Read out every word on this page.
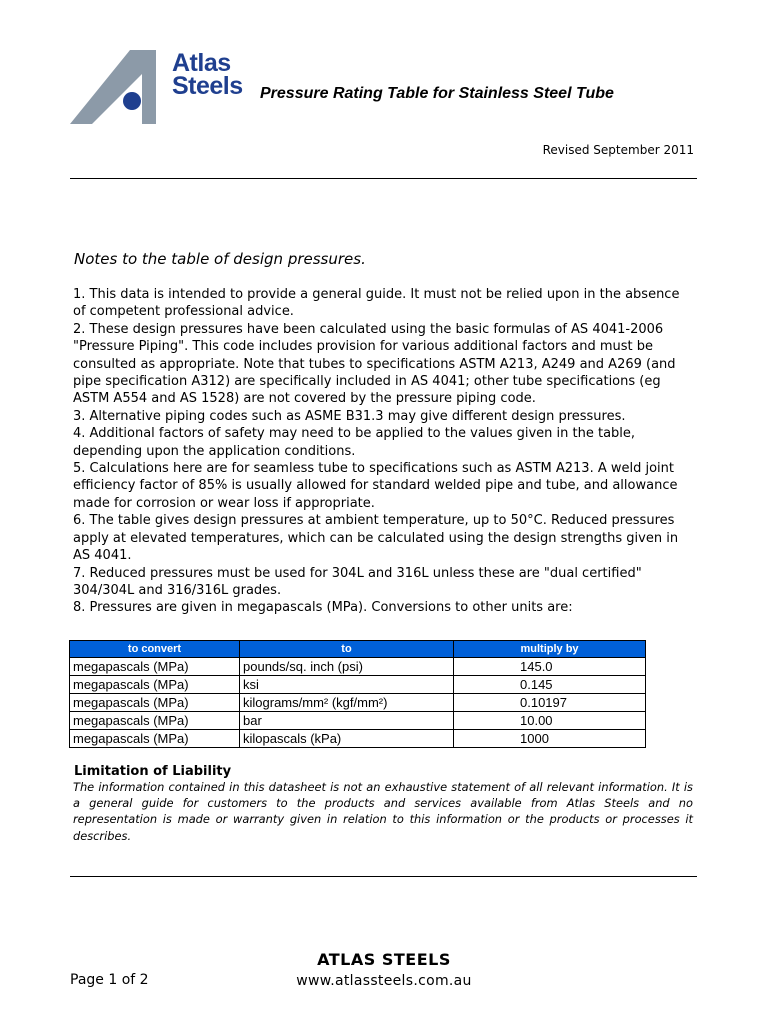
Atlas
Steels Pressure Rating Table for Stainless Steel Tube
Revised September 2011
Notes to the table of design pressures.
1. This data is intended to provide a general guide. It must not be relied upon in the absence of competent professional advice.
2. These design pressures have been calculated using the basic formulas of AS 4041-2006 "Pressure Piping". This code includes provision for various additional factors and must be consulted as appropriate. Note that tubes to specifications ASTM A213, A249 and A269 (and pipe specification A312) are specifically included in AS 4041; other tube specifications (eg ASTM A554 and AS 1528) are not covered by the pressure piping code.
3. Alternative piping codes such as ASME B31.3 may give different design pressures.
4. Additional factors of safety may need to be applied to the values given in the table, depending upon the application conditions.
5. Calculations here are for seamless tube to specifications such as ASTM A213. A weld joint efficiency factor of 85% is usually allowed for standard welded pipe and tube, and allowance made for corrosion or wear loss if appropriate.
6. The table gives design pressures at ambient temperature, up to 50°C. Reduced pressures apply at elevated temperatures, which can be calculated using the design strengths given in AS 4041.
7. Reduced pressures must be used for 304L and 316L unless these are "dual certified" 304/304L and 316/316L grades.
8. Pressures are given in megapascals (MPa). Conversions to other units are:
to convert	to	multiply by
megapascals (MPa)	pounds/sq. inch (psi)	145.0
megapascals (MPa)	ksi	0.145
megapascals (MPa)	kilograms/mm² (kgf/mm²)	0.10197
megapascals (MPa)	bar	10.00
megapascals (MPa)	kilopascals (kPa)	1000
Limitation of Liability

The information contained in this datasheet is not an exhaustive statement of all relevant information. It is a general guide for customers to the products and services available from Atlas Steels and no representation is made or warranty given in relation to this information or the products or processes it describes.

ATLAS STEELS
Page 1 of 2	www.atlassteels.com.au
